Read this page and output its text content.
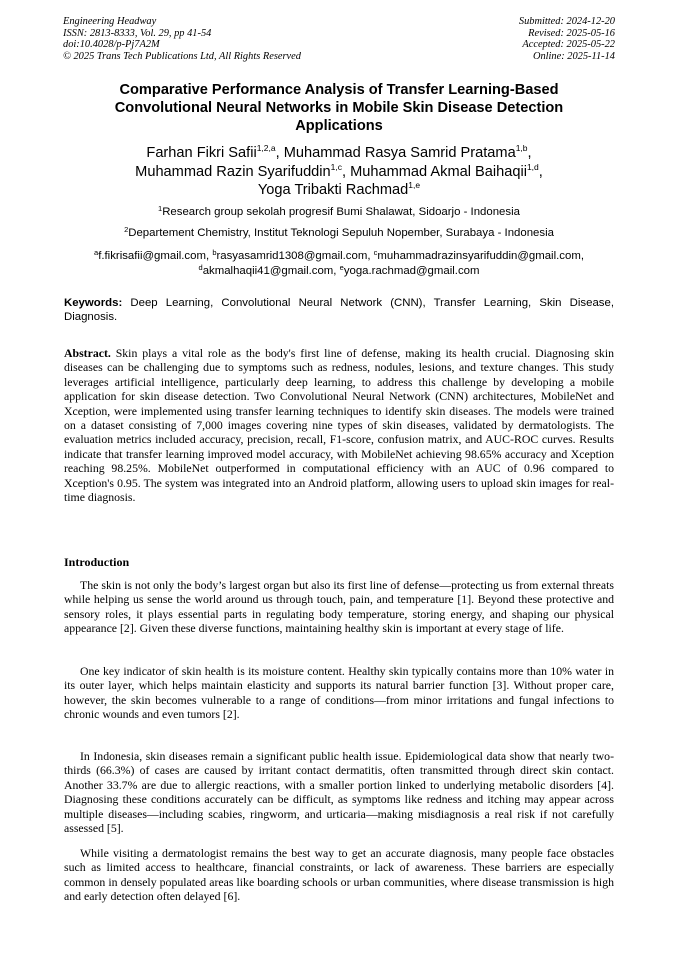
Engineering Headway
ISSN: 2813-8333, Vol. 29, pp 41-54
doi:10.4028/p-Pj7A2M
© 2025 Trans Tech Publications Ltd, All Rights Reserved
Submitted: 2024-12-20
Revised: 2025-05-16
Accepted: 2025-05-22
Online: 2025-11-14
Comparative Performance Analysis of Transfer Learning-Based Convolutional Neural Networks in Mobile Skin Disease Detection Applications
Farhan Fikri Safii$^{1,2,a}$, Muhammad Rasya Samrid Pratama$^{1,b}$,
Muhammad Razin Syarifuddin$^{1,c}$, Muhammad Akmal Baihaqii$^{1,d}$,
Yoga Tribakti Rachmad$^{1,e}$
$^1$Research group sekolah progresif Bumi Shalawat, Sidoarjo - Indonesia
$^2$Departement Chemistry, Institut Teknologi Sepuluh Nopember, Surabaya - Indonesia
$^a$f.fikrisafii@gmail.com, $^b$rasyasamrid1308@gmail.com, $^c$muhammadrazinsyarifuddin@gmail.com,
$^d$akmalhaqii41@gmail.com, $^e$yoga.rachmad@gmail.com
Keywords: Deep Learning, Convolutional Neural Network (CNN), Transfer Learning, Skin Disease, Diagnosis.
Abstract. Skin plays a vital role as the body's first line of defense, making its health crucial. Diagnosing skin diseases can be challenging due to symptoms such as redness, nodules, lesions, and texture changes. This study leverages artificial intelligence, particularly deep learning, to address this challenge by developing a mobile application for skin disease detection. Two Convolutional Neural Network (CNN) architectures, MobileNet and Xception, were implemented using transfer learning techniques to identify skin diseases. The models were trained on a dataset consisting of 7,000 images covering nine types of skin diseases, validated by dermatologists. The evaluation metrics included accuracy, precision, recall, F1-score, confusion matrix, and AUC-ROC curves. Results indicate that transfer learning improved model accuracy, with MobileNet achieving 98.65% accuracy and Xception reaching 98.25%. MobileNet outperformed in computational efficiency with an AUC of 0.96 compared to Xception's 0.95. The system was integrated into an Android platform, allowing users to upload skin images for real-time diagnosis.
Introduction

The skin is not only the body’s largest organ but also its first line of defense—protecting us from external threats while helping us sense the world around us through touch, pain, and temperature [1]. Beyond these protective and sensory roles, it plays essential parts in regulating body temperature, storing energy, and shaping our physical appearance [2]. Given these diverse functions, maintaining healthy skin is important at every stage of life.

One key indicator of skin health is its moisture content. Healthy skin typically contains more than 10% water in its outer layer, which helps maintain elasticity and supports its natural barrier function [3]. Without proper care, however, the skin becomes vulnerable to a range of conditions—from minor irritations and fungal infections to chronic wounds and even tumors [2].

In Indonesia, skin diseases remain a significant public health issue. Epidemiological data show that nearly two-thirds (66.3%) of cases are caused by irritant contact dermatitis, often transmitted through direct skin contact. Another 33.7% are due to allergic reactions, with a smaller portion linked to underlying metabolic disorders [4]. Diagnosing these conditions accurately can be difficult, as symptoms like redness and itching may appear across multiple diseases—including scabies, ringworm, and urticaria—making misdiagnosis a real risk if not carefully assessed [5].

While visiting a dermatologist remains the best way to get an accurate diagnosis, many people face obstacles such as limited access to healthcare, financial constraints, or lack of awareness. These barriers are especially common in densely populated areas like boarding schools or urban communities, where disease transmission is high and early detection often delayed [6].
